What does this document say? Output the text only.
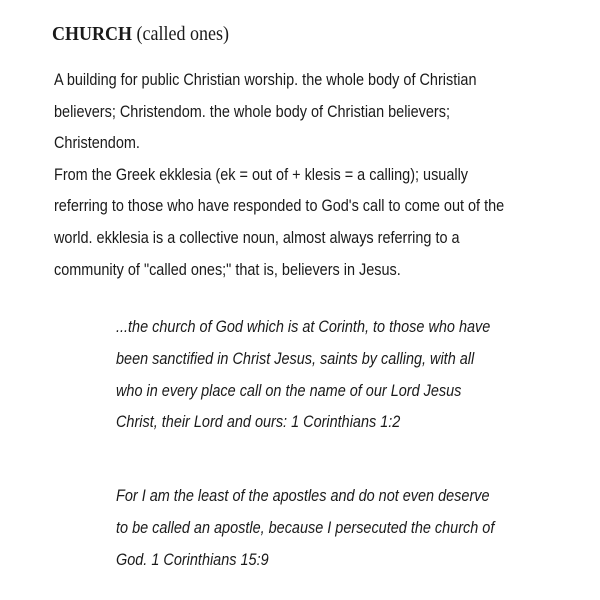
CHURCH (called ones)
A building for public Christian worship. the whole body of Christian
believers; Christendom. the whole body of Christian believers;
Christendom.
From the Greek ekklesia (ek = out of + klesis = a calling); usually
referring to those who have responded to God's call to come out of the
world. ekklesia is a collective noun, almost always referring to a
community of "called ones;" that is, believers in Jesus.
...the church of God which is at Corinth, to those who have
been sanctified in Christ Jesus, saints by calling, with all
who in every place call on the name of our Lord Jesus
Christ, their Lord and ours: 1 Corinthians 1:2
For I am the least of the apostles and do not even deserve
to be called an apostle, because I persecuted the church of
God. 1 Corinthians 15:9
